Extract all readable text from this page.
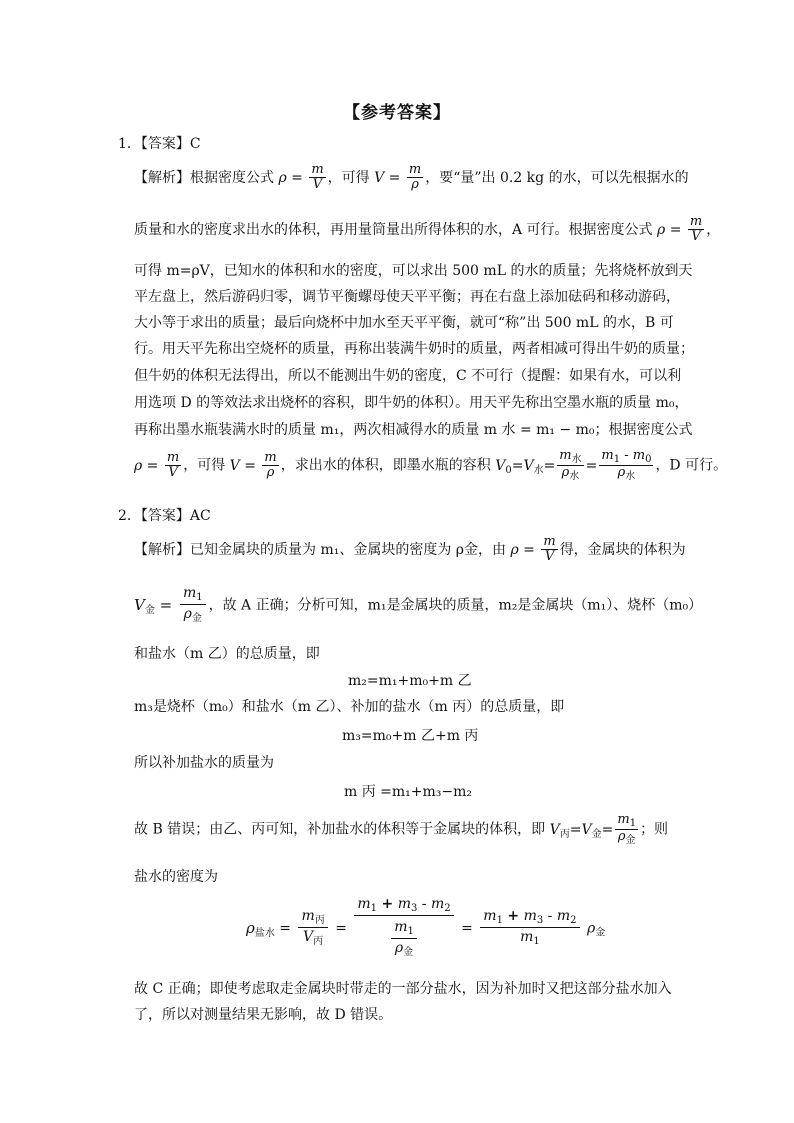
【参考答案】
1．【答案】C
【解析】根据密度公式 $\rho = \frac{m}{V}$ ，可得 $V = \frac{m}{\rho}$ ，要“量”出 0.2 kg 的水，可以先根据水的
质量和水的密度求出水的体积，再用量筒量出所得体积的水，A 可行。根据密度公式 $\rho = \frac{m}{V}$ ，
可得 m=ρV，已知水的体积和水的密度，可以求出 500 mL 的水的质量；先将烧杯放到天
平左盘上，然后游码归零，调节平衡螺母使天平平衡；再在右盘上添加砝码和移动游码，
大小等于求出的质量；最后向烧杯中加水至天平平衡，就可“称”出 500 mL 的水，B 可
行。用天平先称出空烧杯的质量，再称出装满牛奶时的质量，两者相减可得出牛奶的质量；
但牛奶的体积无法得出，所以不能测出牛奶的密度，C 不可行（提醒：如果有水，可以利
用选项 D 的等效法求出烧杯的容积，即牛奶的体积）。用天平先称出空墨水瓶的质量 m₀，
再称出墨水瓶装满水时的质量 m₁，两次相减得水的质量 m 水 = m₁ − m₀；根据密度公式
$\rho = \frac{m}{V}$ ，可得 $V = \frac{m}{\rho}$ ，求出水的体积，即墨水瓶的容积 $V_0=V_水= \frac{m_水}{\rho_水} = \frac{m_1 - m_0}{\rho_水}$ ，D 可行。
2．【答案】AC
【解析】已知金属块的质量为 m₁、金属块的密度为 ρ金，由 $\rho = \frac{m}{V}$ 得，金属块的体积为
$V_金$ =
$m_1$
$\rho_金$
，故 A 正确；分析可知，m₁是金属块的质量，m₂是金属块（m₁）、烧杯（m₀）
和盐水（m 乙）的总质量，即
m₂=m₁+m₀+m 乙
m₃是烧杯（m₀）和盐水（m 乙）、补加的盐水（m 丙）的总质量，即
m₃=m₀+m 乙+m 丙
所以补加盐水的质量为
m 丙 =m₁+m₃−m₂
故 B 错误；由乙、丙可知，补加盐水的体积等于金属块的体积，即 $V_丙=V_金= \frac{m_1}{\rho_金}$ ；则
盐水的密度为
$\rho_{盐水}$ =
$m_丙$
$V_丙$
=
$m_1 + m_3 - m_2$
$m_1$
$\rho_金$
= $\frac{m_1 + m_3 - m_2}{m_1} \rho_金$
故 C 正确；即使考虑取走金属块时带走的一部分盐水，因为补加时又把这部分盐水加入
了，所以对测量结果无影响，故 D 错误。
